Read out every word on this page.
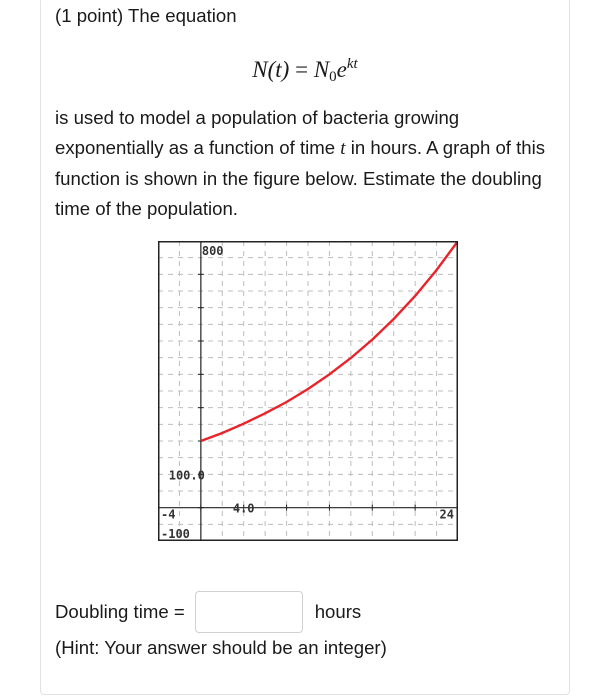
(1 point) The equation
$N(t) = N_0e^{kt}$
is used to model a population of bacteria growing exponentially as a function of time t in hours. A graph of this function is shown in the figure below. Estimate the doubling time of the population.
800
100.0
4.0
-4
-100
24
Doubling time =	hours
(Hint: Your answer should be an integer)
